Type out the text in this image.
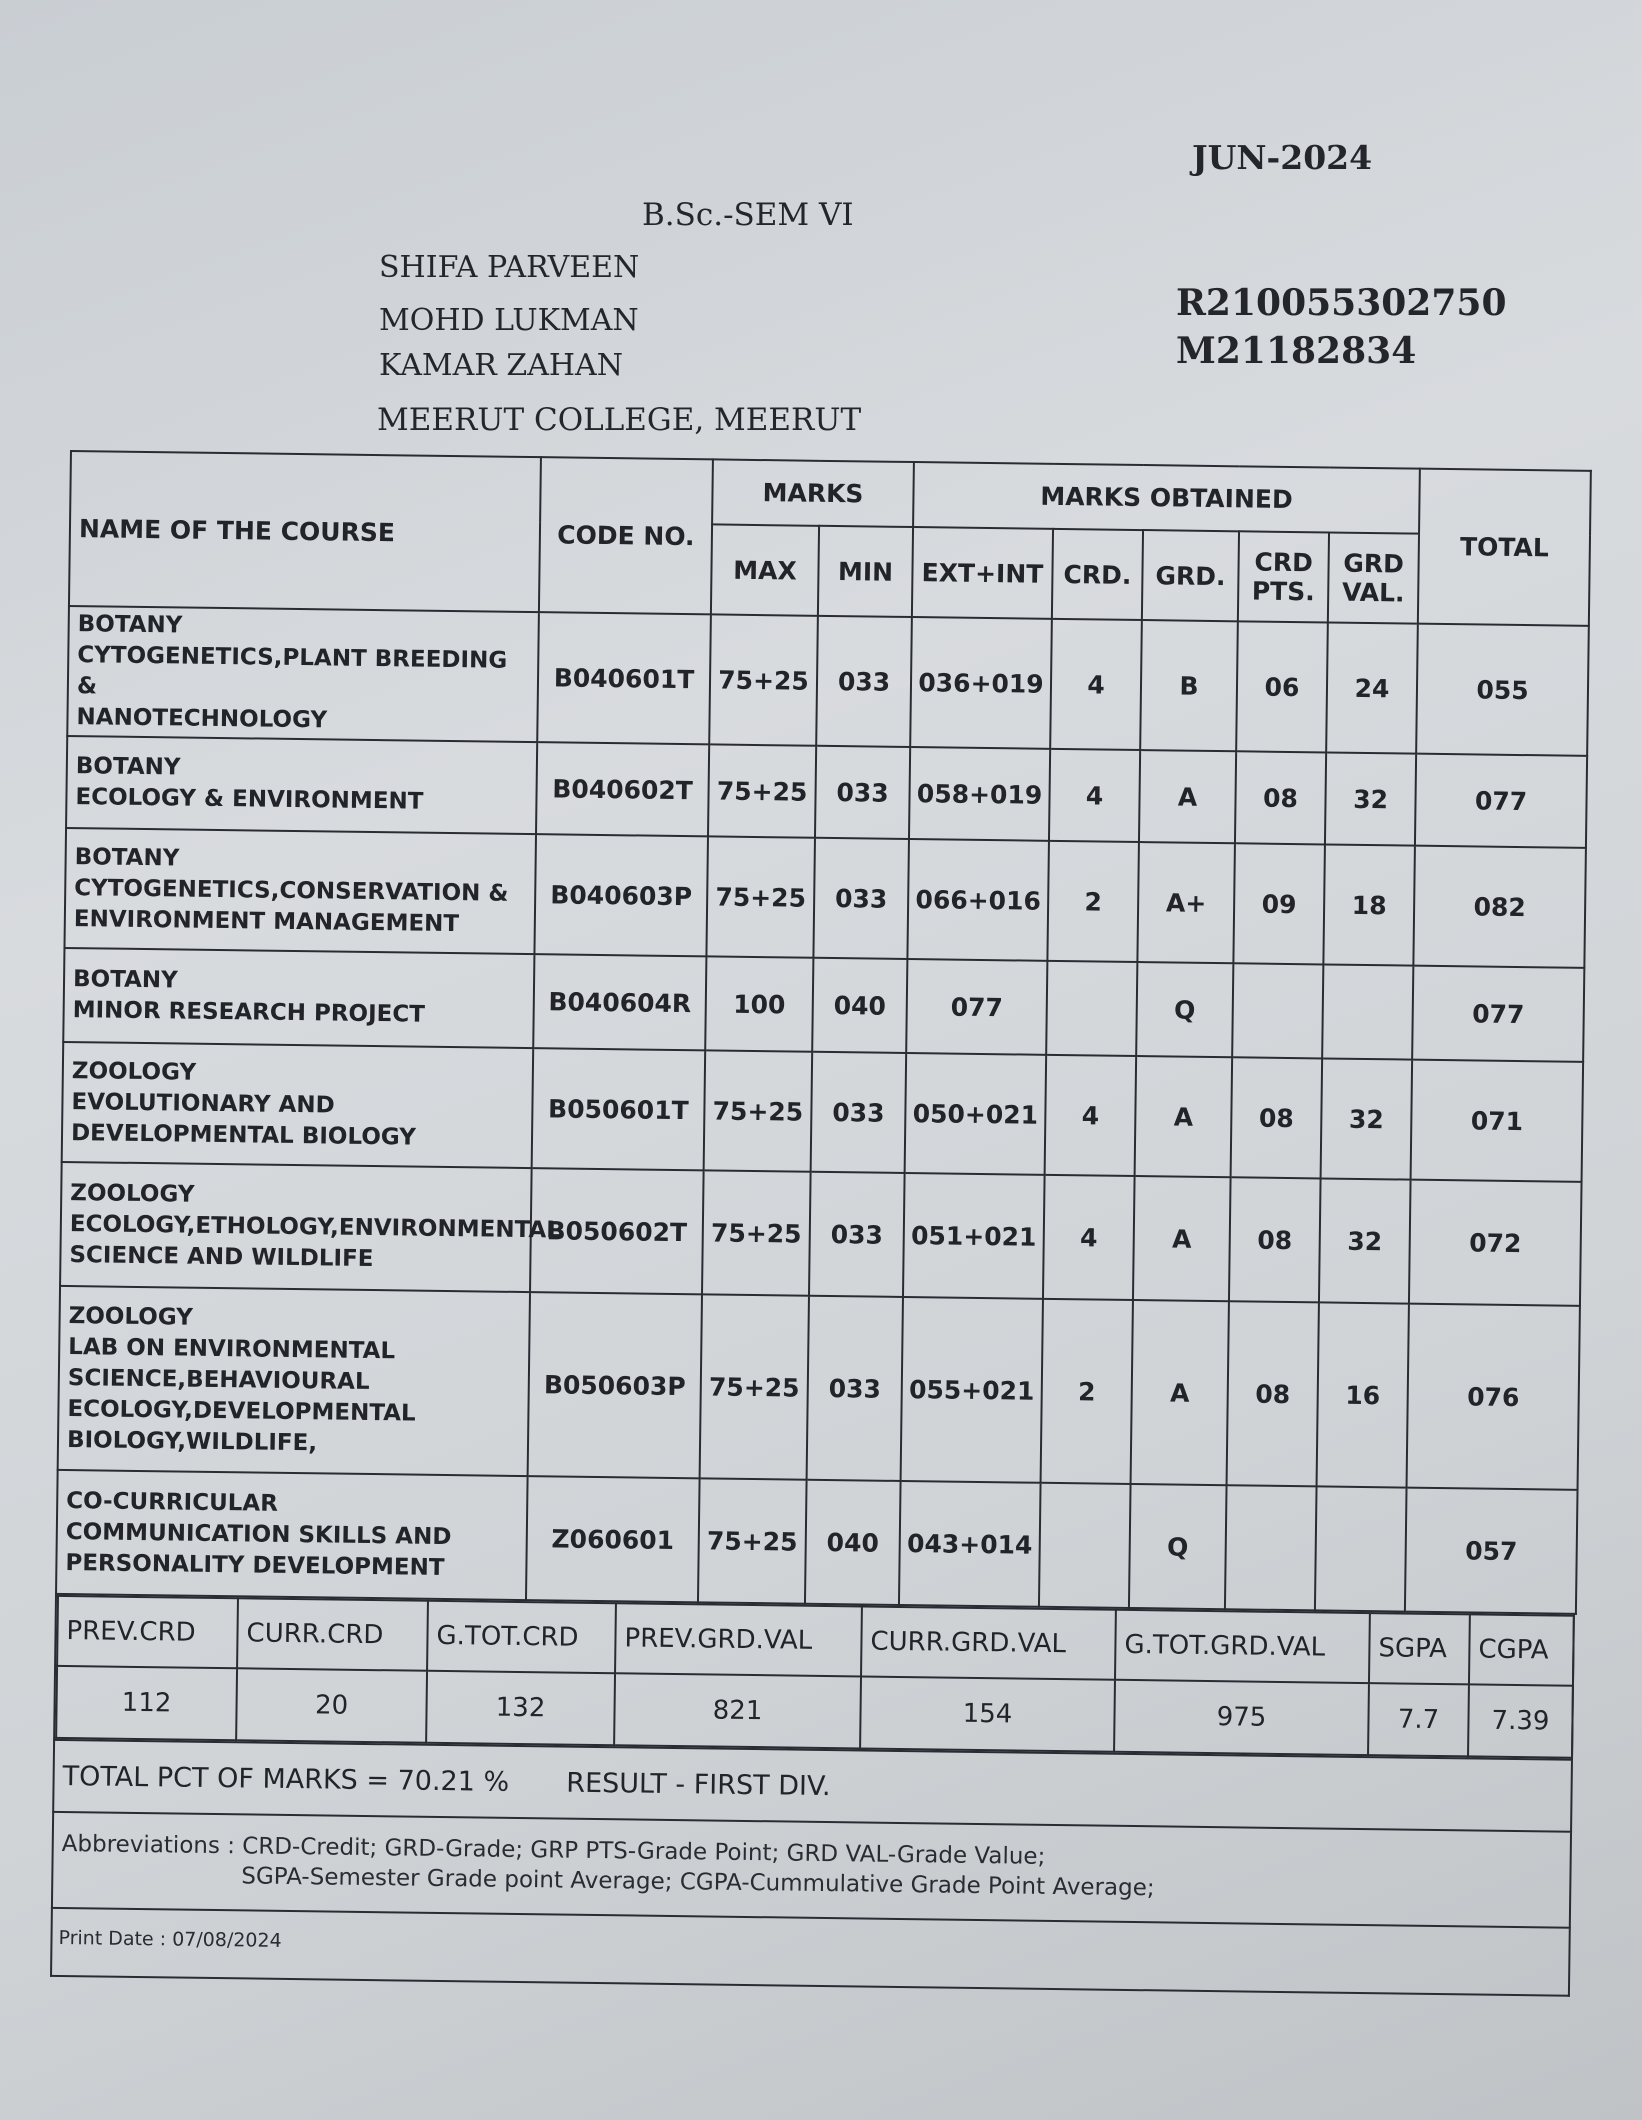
JUN-2024
B.Sc.-SEM VI
SHIFA PARVEEN
MOHD LUKMAN
KAMAR ZAHAN
MEERUT COLLEGE, MEERUT
R210055302750
M21182834
NAME OF THE COURSE	CODE NO.	MARKS		MARKS OBTAINED					TOTAL
		MAX	MIN	EXT+INT	CRD.	GRD.	CRD PTS.	GRD VAL.	

BOTANY
CYTOGENETICS,PLANT BREEDING &
NANOTECHNOLOGY	B040601T	75+25	033	036+019	4	B	06	24	055

BOTANY
ECOLOGY & ENVIRONMENT	B040602T	75+25	033	058+019	4	A	08	32	077

BOTANY
CYTOGENETICS,CONSERVATION &
ENVIRONMENT MANAGEMENT	B040603P	75+25	033	066+016	2	A+	09	18	082

BOTANY
MINOR RESEARCH PROJECT	B040604R	100	040	077		Q			077

ZOOLOGY
EVOLUTIONARY AND
DEVELOPMENTAL BIOLOGY	B050601T	75+25	033	050+021	4	A	08	32	071

ZOOLOGY
ECOLOGY,ETHOLOGY,ENVIRONMENTAL
SCIENCE AND WILDLIFE	B050602T	75+25	033	051+021	4	A	08	32	072

ZOOLOGY
LAB ON ENVIRONMENTAL
SCIENCE,BEHAVIOURAL
ECOLOGY,DEVELOPMENTAL
BIOLOGY,WILDLIFE,	B050603P	75+25	033	055+021	2	A	08	16	076

CO-CURRICULAR
COMMUNICATION SKILLS AND
PERSONALITY DEVELOPMENT	Z060601	75+25	040	043+014		Q			057
PREV.CRD	CURR.CRD	G.TOT.CRD	PREV.GRD.VAL	CURR.GRD.VAL	G.TOT.GRD.VAL	SGPA	CGPA
112	20	132	821	154	975	7.7	7.39
TOTAL PCT OF MARKS = 70.21 % RESULT - FIRST DIV.
Abbreviations : CRD-Credit; GRD-Grade; GRP PTS-Grade Point; GRD VAL-Grade Value;
SGPA-Semester Grade point Average; CGPA-Cummulative Grade Point Average;
Print Date : 07/08/2024
